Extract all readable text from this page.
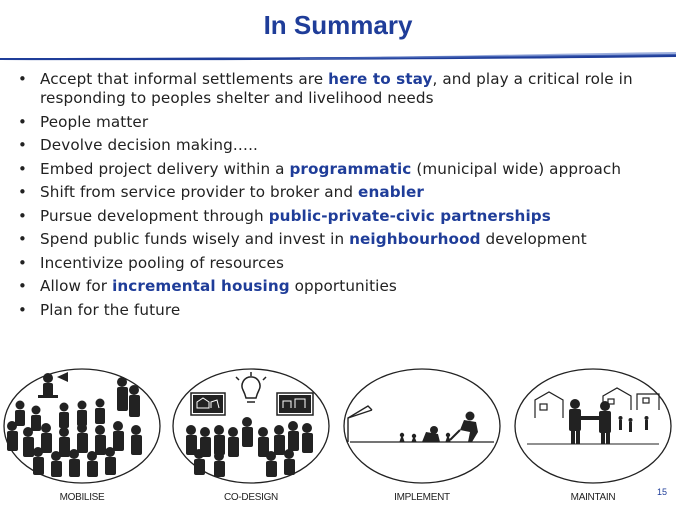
In Summary
• Accept that informal settlements are here to stay, and play a critical role in responding to peoples shelter and livelihood needs
• People matter
• Devolve decision making…..
• Embed project delivery within a programmatic (municipal wide) approach
• Shift from service provider to broker and enabler
• Pursue development through public-private-civic partnerships
• Spend public funds wisely and invest in neighbourhood development
• Incentivize pooling of resources
• Allow for incremental housing opportunities
• Plan for the future
MOBILISE	CO-DESIGN	IMPLEMENT	MAINTAIN	15
